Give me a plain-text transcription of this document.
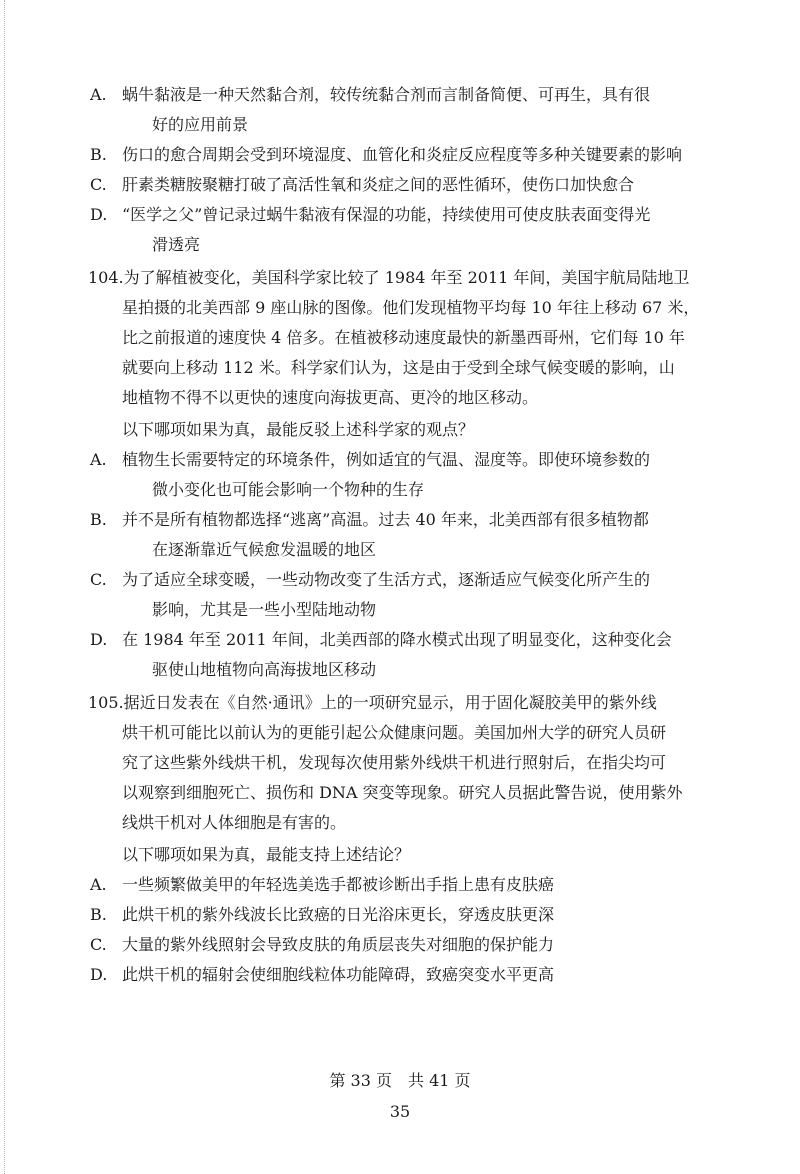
A. 蜗牛黏液是一种天然黏合剂，较传统黏合剂而言制备简便、可再生，具有很
好的应用前景
B. 伤口的愈合周期会受到环境湿度、血管化和炎症反应程度等多种关键要素的影响
C. 肝素类糖胺聚糖打破了高活性氧和炎症之间的恶性循环，使伤口加快愈合
D. “医学之父”曾记录过蜗牛黏液有保湿的功能，持续使用可使皮肤表面变得光
滑透亮
104.为了解植被变化，美国科学家比较了 1984 年至 2011 年间，美国宇航局陆地卫
星拍摄的北美西部 9 座山脉的图像。他们发现植物平均每 10 年往上移动 67 米，
比之前报道的速度快 4 倍多。在植被移动速度最快的新墨西哥州，它们每 10 年
就要向上移动 112 米。科学家们认为，这是由于受到全球气候变暖的影响，山
地植物不得不以更快的速度向海拔更高、更冷的地区移动。
以下哪项如果为真，最能反驳上述科学家的观点？
A. 植物生长需要特定的环境条件，例如适宜的气温、湿度等。即使环境参数的
微小变化也可能会影响一个物种的生存
B. 并不是所有植物都选择“逃离”高温。过去 40 年来，北美西部有很多植物都
在逐渐靠近气候愈发温暖的地区
C. 为了适应全球变暖，一些动物改变了生活方式，逐渐适应气候变化所产生的
影响，尤其是一些小型陆地动物
D. 在 1984 年至 2011 年间，北美西部的降水模式出现了明显变化，这种变化会
驱使山地植物向高海拔地区移动
105.据近日发表在《自然·通讯》上的一项研究显示，用于固化凝胶美甲的紫外线
烘干机可能比以前认为的更能引起公众健康问题。美国加州大学的研究人员研
究了这些紫外线烘干机，发现每次使用紫外线烘干机进行照射后，在指尖均可
以观察到细胞死亡、损伤和 DNA 突变等现象。研究人员据此警告说，使用紫外
线烘干机对人体细胞是有害的。
以下哪项如果为真，最能支持上述结论？
A. 一些频繁做美甲的年轻选美选手都被诊断出手指上患有皮肤癌
B. 此烘干机的紫外线波长比致癌的日光浴床更长，穿透皮肤更深
C. 大量的紫外线照射会导致皮肤的角质层丧失对细胞的保护能力
D. 此烘干机的辐射会使细胞线粒体功能障碍，致癌突变水平更高
第 33 页　共 41 页
35
